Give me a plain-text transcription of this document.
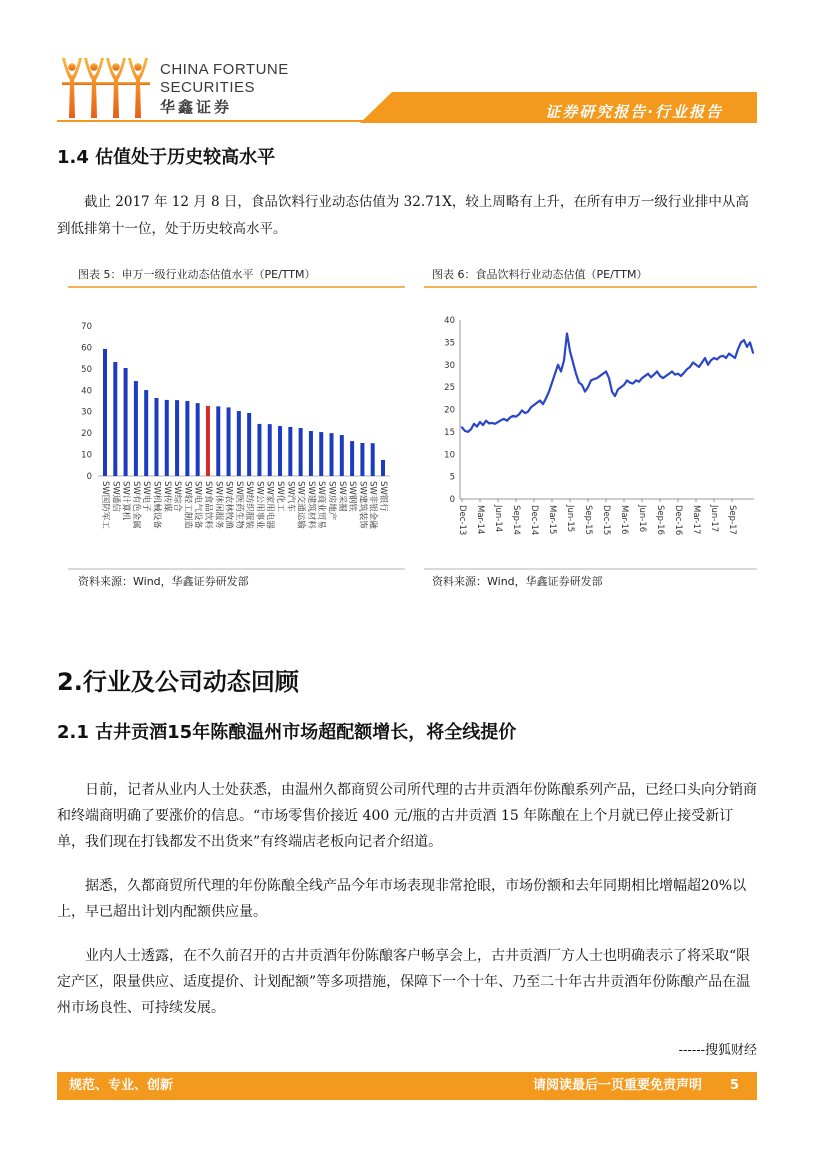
CHINA FORTUNE
SECURITIES
华鑫证券	证券研究报告·行业报告
1.4 估值处于历史较高水平
截止 2017 年 12 月 8 日，食品饮料行业动态估值为 32.71X，较上周略有上升，在所有申万一级行业排中从高到低排第十一位，处于历史较高水平。
图表 5：申万一级行业动态估值水平（PE/TTM）	图表 6：食品饮料行业动态估值（PE/TTM）
0
10
20
30
40
50
60
70
SW国防军工 SW通信 SW计算机 SW有色金属 SW电子 SW机械设备 SW传媒 SW综合 SW轻工制造 SW电气设备 SW食品饮料 SW休闲服务 SW农林牧渔 SW医药生物 SW纺织服装 SW公用事业 SW家用电器 SW化工 SW汽车 SW交通运输 SW建筑材料 SW商业贸易 SW房地产 SW采掘 SW钢铁 SW建筑装饰 SW非银金融 SW银行	0
5
10
15
20
25
30
35
40
Dec-13 Mar-14 Jun-14 Sep-14 Dec-14 Mar-15 Jun-15 Sep-15 Dec-15 Mar-16 Jun-16 Sep-16 Dec-16 Mar-17 Jun-17 Sep-17
资料来源：Wind，华鑫证券研发部	资料来源：Wind，华鑫证券研发部
2.行业及公司动态回顾
2.1 古井贡酒15年陈酿温州市场超配额增长，将全线提价

日前，记者从业内人士处获悉，由温州久都商贸公司所代理的古井贡酒年份陈酿系列产品，已经口头向分销商和终端商明确了要涨价的信息。“市场零售价接近 400 元/瓶的古井贡酒 15 年陈酿在上个月就已停止接受新订单，我们现在打钱都发不出货来”有终端店老板向记者介绍道。

据悉，久都商贸所代理的年份陈酿全线产品今年市场表现非常抢眼，市场份额和去年同期相比增幅超20%以上，早已超出计划内配额供应量。

业内人士透露，在不久前召开的古井贡酒年份陈酿客户畅享会上，古井贡酒厂方人士也明确表示了将采取“限定产区，限量供应、适度提价、计划配额”等多项措施，保障下一个十年、乃至二十年古井贡酒年份陈酿产品在温州市场良性、可持续发展。

------搜狐财经
规范、专业、创新	请阅读最后一页重要免责声明 5
